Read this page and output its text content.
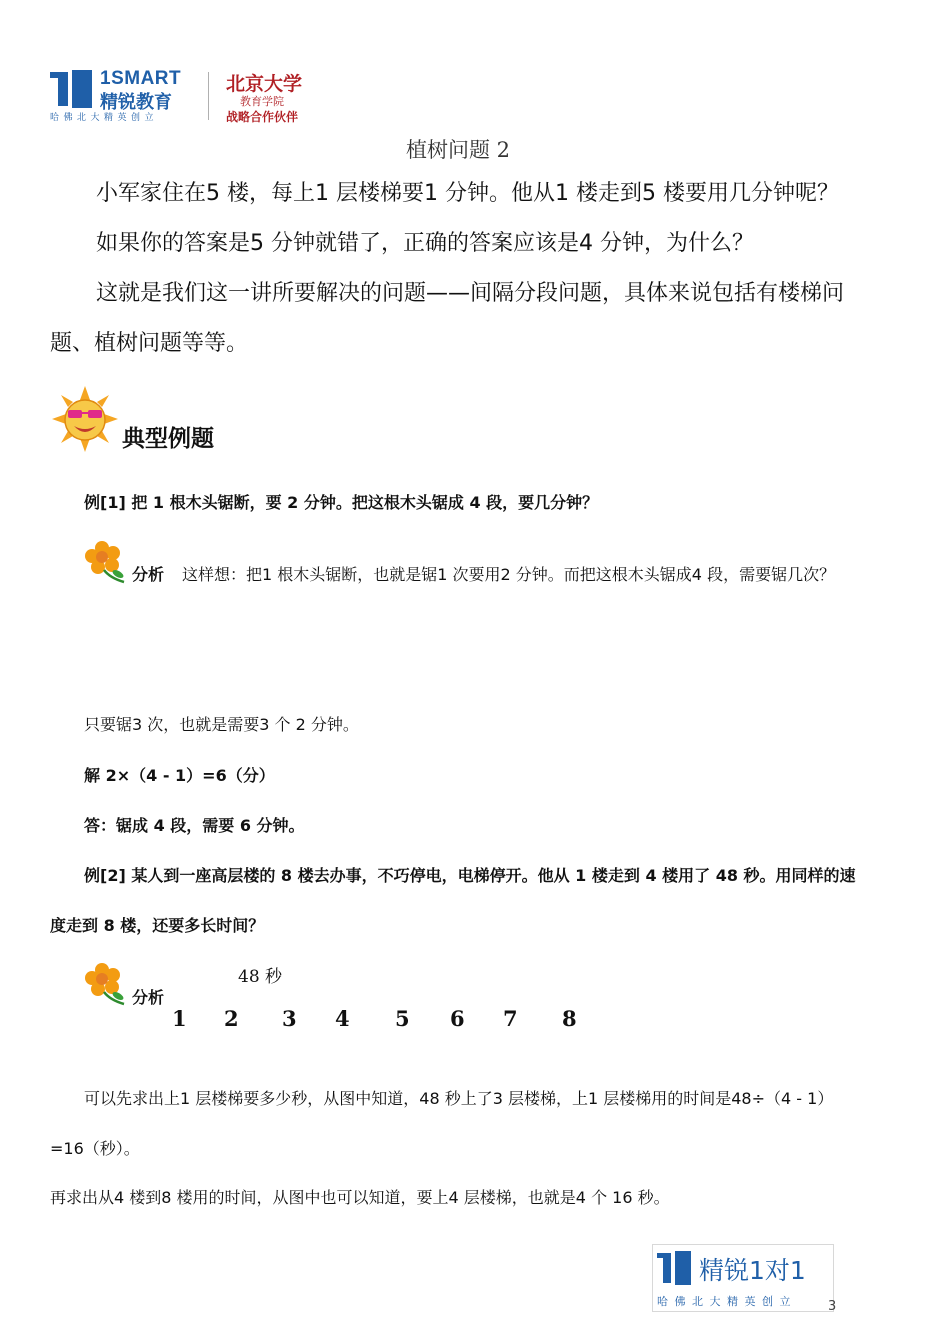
1SMART
精锐教育
哈佛北大精英创立
北京大学
教育学院
战略合作伙伴
植树问题 2
小军家住在5 楼，每上1 层楼梯要1 分钟。他从1 楼走到5 楼要用几分钟呢？
如果你的答案是5 分钟就错了，正确的答案应该是4 分钟，为什么？
这就是我们这一讲所要解决的问题——间隔分段问题，具体来说包括有楼梯问
题、植树问题等等。
典型例题
例[1] 把 1 根木头锯断，要 2 分钟。把这根木头锯成 4 段，要几分钟？
分析 这样想：把1 根木头锯断，也就是锯1 次要用2 分钟。而把这根木头锯成4 段，需要锯几次？
只要锯3 次，也就是需要3 个 2 分钟。
解 2×（4 - 1）=6（分）
答：锯成 4 段，需要 6 分钟。
例[2] 某人到一座高层楼的 8 楼去办事，不巧停电，电梯停开。他从 1 楼走到 4 楼用了 48 秒。用同样的速
度走到 8 楼，还要多长时间？
分析
48 秒
1 2 3 4 5 6 7 8
可以先求出上1 层楼梯要多少秒，从图中知道，48 秒上了3 层楼梯，上1 层楼梯用的时间是48÷（4 - 1）
=16（秒）。
再求出从4 楼到8 楼用的时间，从图中也可以知道，要上4 层楼梯，也就是4 个 16 秒。
精锐1对1
哈佛北大精英创立 3
